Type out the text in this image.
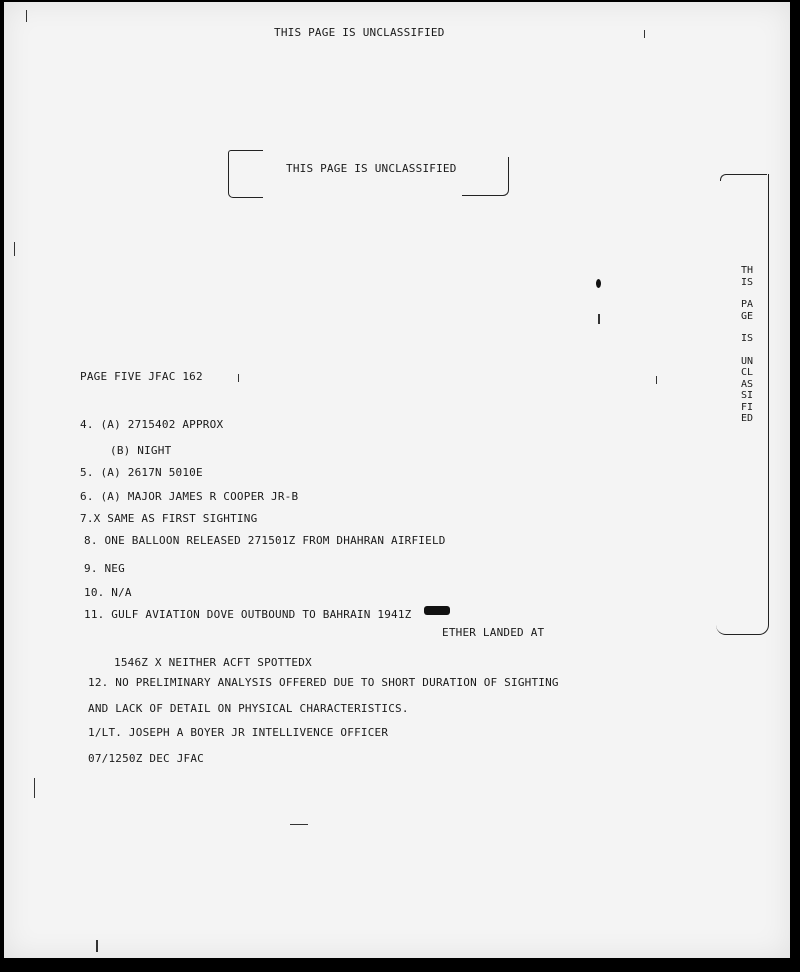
THIS PAGE IS UNCLASSIFIED
THIS PAGE IS UNCLASSIFIED

THIS
PAGE
IS
UNCLASSIFIED

PAGE FIVE JFAC 162
4. (A) 2715402 APPROX
(B) NIGHT
5. (A) 2617N 5010E
6. (A) MAJOR JAMES R COOPER JR-B
7.X SAME AS FIRST SIGHTING
8. ONE BALLOON RELEASED 271501Z FROM DHAHRAN AIRFIELD
9. NEG
10. N/A
11. GULF AVIATION DOVE OUTBOUND TO BAHRAIN 1941Z
ETHER LANDED AT
1546Z X NEITHER ACFT SPOTTEDX
12. NO PRELIMINARY ANALYSIS OFFERED DUE TO SHORT DURATION OF SIGHTING
AND LACK OF DETAIL ON PHYSICAL CHARACTERISTICS.
1/LT. JOSEPH A BOYER JR INTELLIVENCE OFFICER
07/1250Z DEC JFAC
